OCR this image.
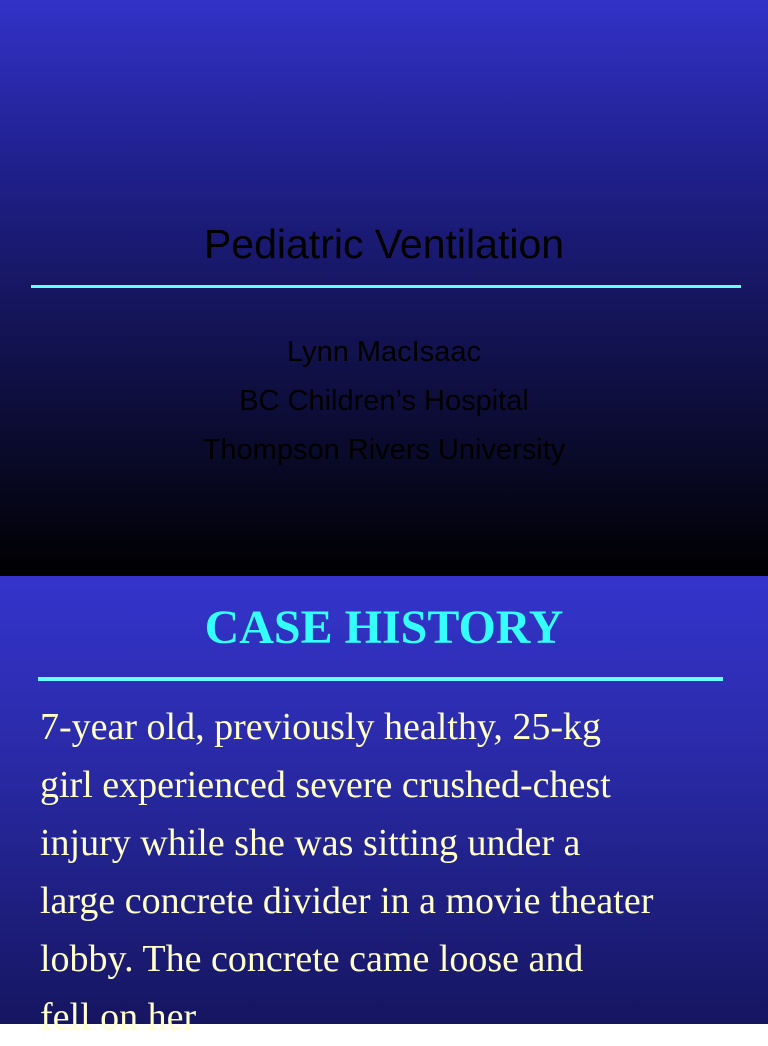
Pediatric Ventilation
Lynn MacIsaac
BC Children’s Hospital
Thompson Rivers University
CASE HISTORY
7-year old, previously healthy, 25-kg
girl experienced severe crushed-chest
injury while she was sitting under a
large concrete divider in a movie theater
lobby. The concrete came loose and
fell on her
